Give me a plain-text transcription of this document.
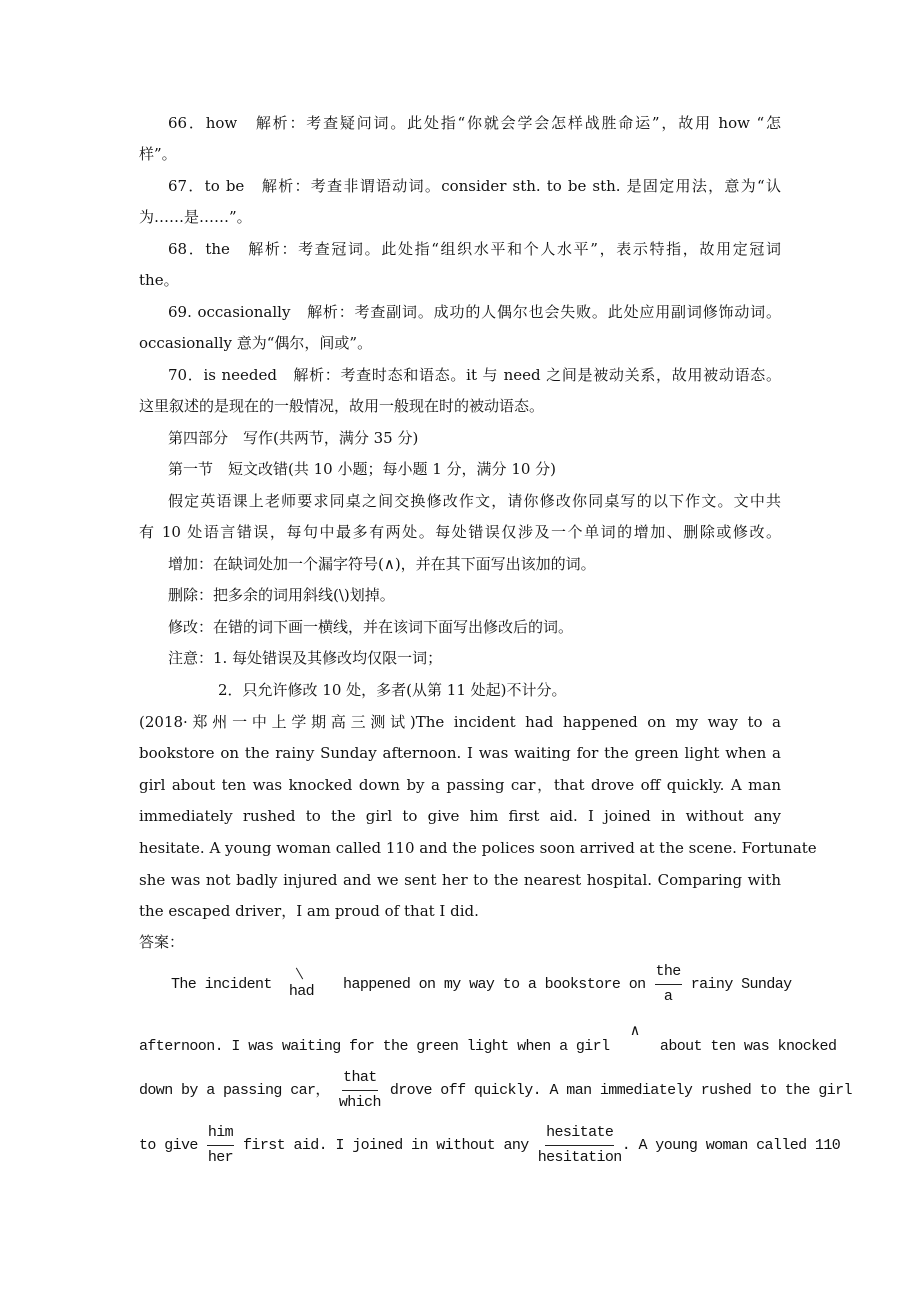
The incident had happened on my way to a bookstore on $\frac{\text{the}}{a}$ rainy Sunday
afternoon. I was waiting for the green light when a girl
∧
about ten was knocked
down by a passing car， $\frac{\text{that}}{\text{which}}$ drove off quickly. A man immediately rushed to the girl
to give $\frac{\text{him}}{\text{her}}$ first aid. I joined in without any $\frac{\text{hesitate}}{\text{hesitation}}$ . A young woman called 110
66．how　解析：考查疑问词。此处指“你就会学会怎样战胜命运”，故用 how “怎
样”。
67．to be　解析：考查非谓语动词。consider sth. to be sth. 是固定用法，意为“认
为……是……”。
68．the　解析：考查冠词。此处指“组织水平和个人水平”，表示特指，故用定冠词
the。
69. occasionally　解析：考查副词。成功的人偶尔也会失败。此处应用副词修饰动词。
occasionally 意为“偶尔，间或”。
70．is needed　解析：考查时态和语态。it 与 need 之间是被动关系，故用被动语态。
这里叙述的是现在的一般情况，故用一般现在时的被动语态。
第四部分　写作(共两节，满分 35 分)
第一节　短文改错(共 10 小题；每小题 1 分，满分 10 分)
假定英语课上老师要求同桌之间交换修改作文，请你修改你同桌写的以下作文。文中共
有 10 处语言错误，每句中最多有两处。每处错误仅涉及一个单词的增加、删除或修改。
增加：在缺词处加一个漏字符号(∧)，并在其下面写出该加的词。
删除：把多余的词用斜线(\)划掉。
修改：在错的词下画一横线，并在该词下面写出修改后的词。
注意：1. 每处错误及其修改均仅限一词；
2．只允许修改 10 处，多者(从第 11 处起)不计分。
(2018·郑州一中上学期高三测试)The incident had happened on my way to a
bookstore on the rainy Sunday afternoon. I was waiting for the green light when a
girl about ten was knocked down by a passing car，that drove off quickly. A man
immediately rushed to the girl to give him first aid. I joined in without any
hesitate. A young woman called 110 and the polices soon arrived at the scene. Fortunate
she was not badly injured and we sent her to the nearest hospital. Comparing with
the escaped driver，I am proud of that I did.
答案：
